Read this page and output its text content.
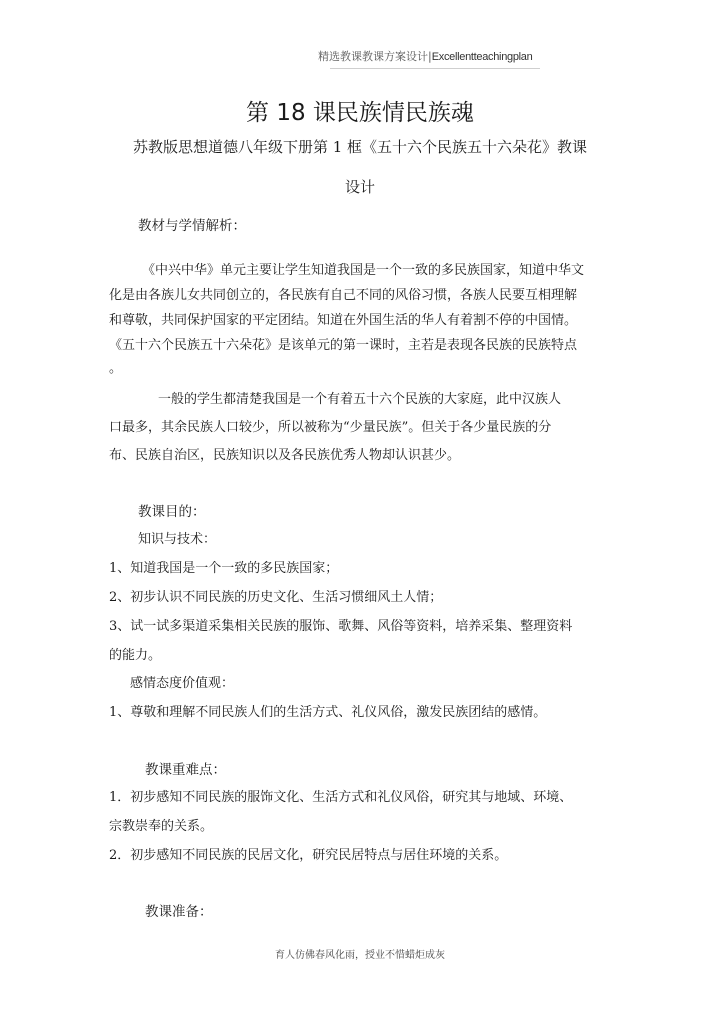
精选教课教课方案设计|Excellentteachingplan
第 18 课民族情民族魂
苏教版思想道德八年级下册第 1 框《五十六个民族五十六朵花》教课
设计
教材与学情解析：
《中兴中华》单元主要让学生知道我国是一个一致的多民族国家，知道中华文
化是由各族儿女共同创立的，各民族有自己不同的风俗习惯，各族人民要互相理解
和尊敬，共同保护国家的平定团结。知道在外国生活的华人有着割不停的中国情。
《五十六个民族五十六朵花》是该单元的第一课时，主若是表现各民族的民族特点
。
一般的学生都清楚我国是一个有着五十六个民族的大家庭，此中汉族人
口最多，其余民族人口较少，所以被称为“少量民族”。但关于各少量民族的分
布、民族自治区，民族知识以及各民族优秀人物却认识甚少。
教课目的：
知识与技术：
1、知道我国是一个一致的多民族国家；
2、初步认识不同民族的历史文化、生活习惯细风土人情；
3、试一试多渠道采集相关民族的服饰、歌舞、风俗等资料，培养采集、整理资料
的能力。
感情态度价值观：
1、尊敬和理解不同民族人们的生活方式、礼仪风俗，激发民族团结的感情。
教课重难点：
1．初步感知不同民族的服饰文化、生活方式和礼仪风俗，研究其与地域、环境、
宗教崇奉的关系。
2．初步感知不同民族的民居文化，研究民居特点与居住环境的关系。
教课准备：
育人仿佛春风化雨，授业不惜蜡炬成灰
